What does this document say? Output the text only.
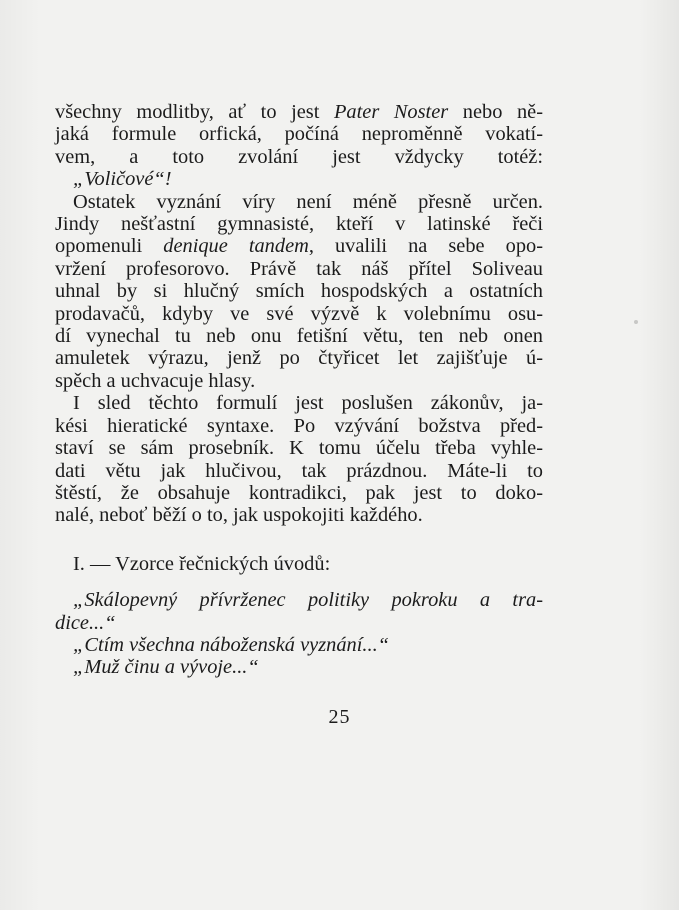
všechny modlitby, ať to jest Pater Noster nebo ně-
jaká formule orfická, počíná neproměnně vokatí-
vem, a toto zvolání jest vždycky totéž:
„Voličové“!
Ostatek vyznání víry není méně přesně určen.
Jindy nešťastní gymnasisté, kteří v latinské řeči
opomenuli denique tandem, uvalili na sebe opo-
vržení profesorovo. Právě tak náš přítel Soliveau
uhnal by si hlučný smích hospodských a ostatních
prodavačů, kdyby ve své výzvě k volebnímu osu-
dí vynechal tu neb onu fetišní větu, ten neb onen
amuletek výrazu, jenž po čtyřicet let zajišťuje ú-
spěch a uchvacuje hlasy.
I sled těchto formulí jest poslušen zákonův, ja-
kési hieratické syntaxe. Po vzývání božstva před-
staví se sám prosebník. K tomu účelu třeba vyhle-
dati větu jak hlučivou, tak prázdnou. Máte-li to
štěstí, že obsahuje kontradikci, pak jest to doko-
nalé, neboť běží o to, jak uspokojiti každého.
I. — Vzorce řečnických úvodů:
„Skálopevný přívrženec politiky pokroku a tra-
dice...“
„Ctím všechna náboženská vyznání...“
„Muž činu a vývoje...“
25
